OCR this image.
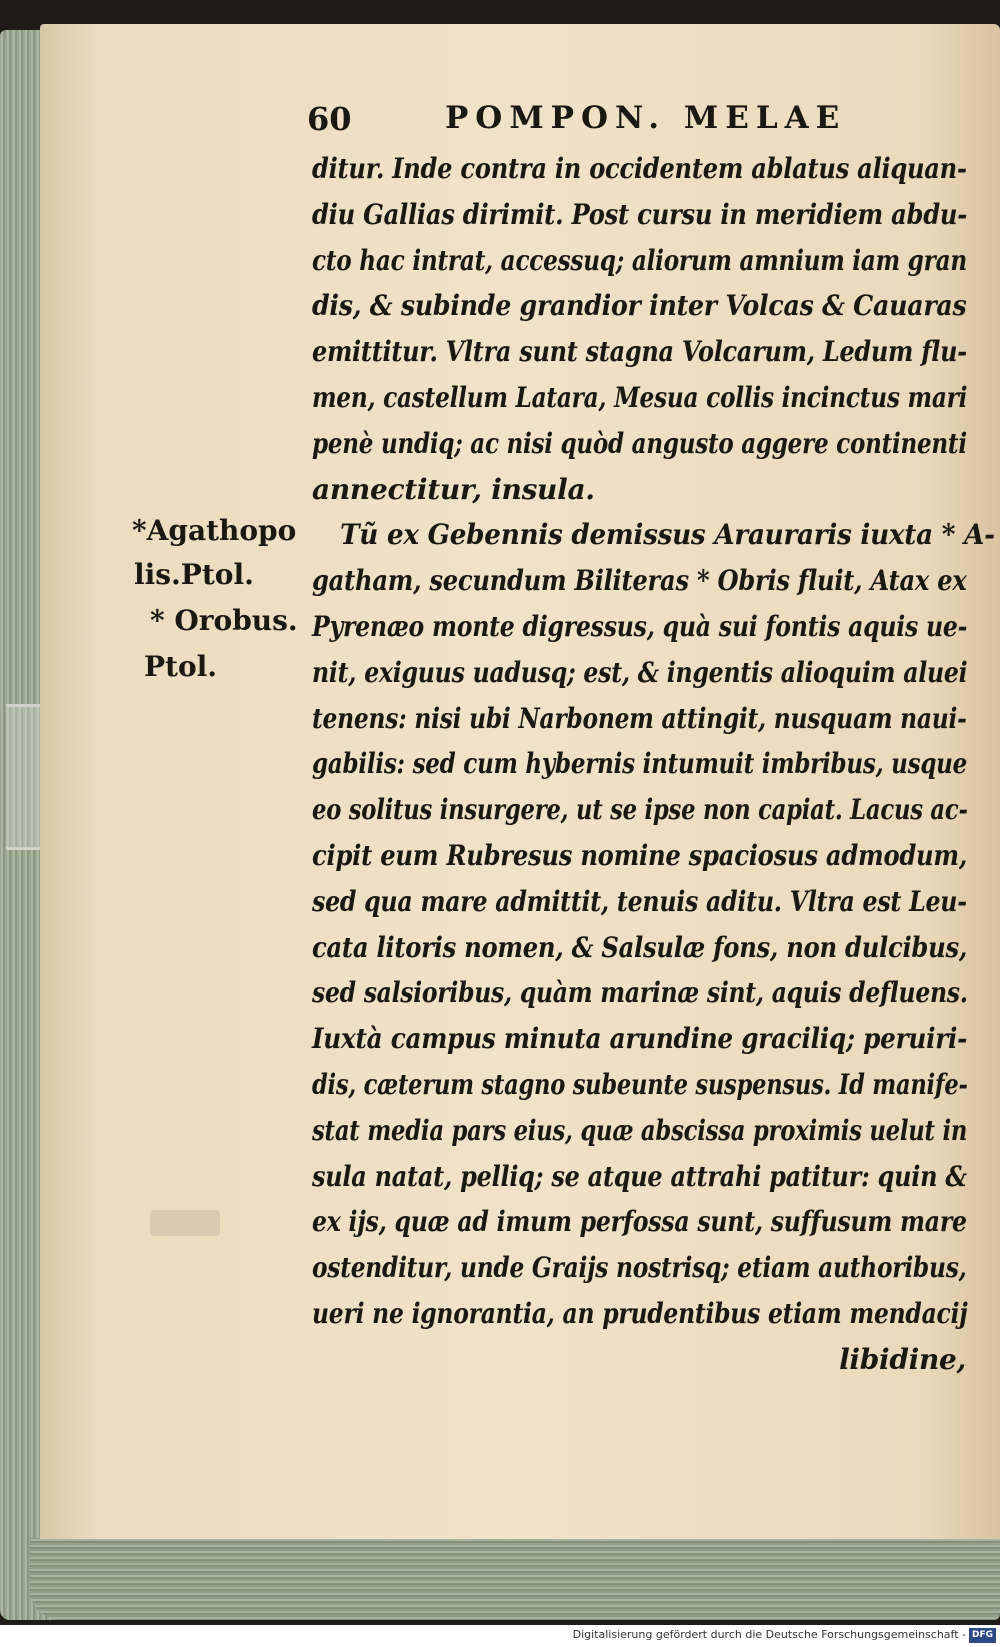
60	POMPON. MELAE
ditur. Inde contra in occidentem ablatus aliquan-
diu Gallias dirimit. Post cursu in meridiem abdu-
cto hac intrat, accessuq; aliorum amnium iam gran
dis, & subinde grandior inter Volcas & Cauaras
emittitur. Vltra sunt stagna Volcarum, Ledum flu-
men, castellum Latara, Mesua collis incinctus mari
penè undiq; ac nisi quòd angusto aggere continenti
annectitur, insula.
Tũ ex Gebennis demissus Arauraris iuxta * A-
gatham, secundum Biliteras * Obris fluit, Atax ex
Pyrenæo monte digressus, quà sui fontis aquis ue-
nit, exiguus uadusq; est, & ingentis alioquim aluei
tenens: nisi ubi Narbonem attingit, nusquam naui-
gabilis: sed cum hybernis intumuit imbribus, usque
eo solitus insurgere, ut se ipse non capiat. Lacus ac-
cipit eum Rubresus nomine spaciosus admodum,
sed qua mare admittit, tenuis aditu. Vltra est Leu-
cata litoris nomen, & Salsulæ fons, non dulcibus,
sed salsioribus, quàm marinæ sint, aquis defluens.
Iuxtà campus minuta arundine graciliq; peruiri-
dis, cæterum stagno subeunte suspensus. Id manife-
stat media pars eius, quæ abscissa proximis uelut in
sula natat, pelliq; se atque attrahi patitur: quin &
ex ijs, quæ ad imum perfossa sunt, suffusum mare
ostenditur, unde Graijs nostrisq; etiam authoribus,
ueri ne ignorantia, an prudentibus etiam mendacij
libidine,
*Agathopo
lis.Ptol.
* Orobus.
Ptol.
Digitalisierung gefördert durch die Deutsche Forschungsgemeinschaft - DFG
